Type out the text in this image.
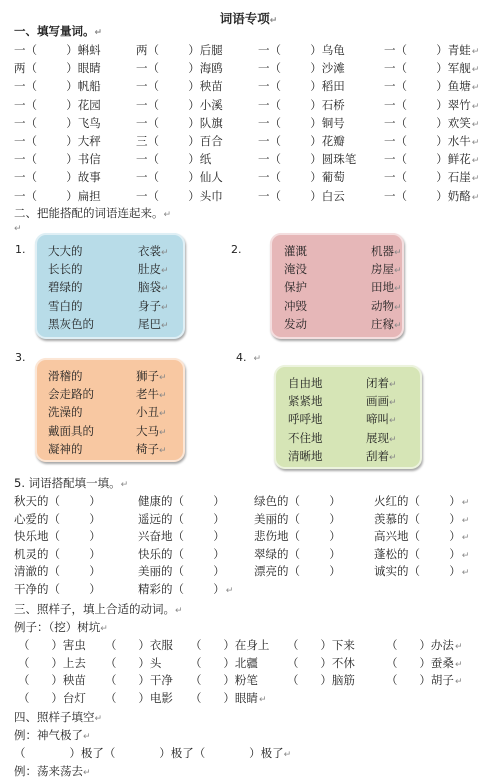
词语专项↵
一、填写量词。↵
一（        ）蝌蚪	两（        ）后腿	一（        ）乌龟	一（        ）青蛙↵
两（        ）眼睛	一（        ）海鸥	一（        ）沙滩	一（        ）军舰↵
一（        ）帆船	一（        ）秧苗	一（        ）稻田	一（        ）鱼塘↵
一（        ）花园	一（        ）小溪	一（        ）石桥	一（        ）翠竹↵
一（        ）飞鸟	一（        ）队旗	一（        ）铜号	一（        ）欢笑↵
一（        ）大秤	三（        ）百合	一（        ）花瓣	一（        ）水牛↵
一（        ）书信	一（        ）纸	一（        ）圆珠笔 一（        ）鲜花↵
一（        ）故事	一（        ）仙人	一（        ）葡萄	一（        ）石崖↵
一（        ）扁担	一（        ）头巾	一（        ）白云	一（        ）奶酪↵
二、把能搭配的词语连起来。↵
↵
1.	2.
3.	4. ↵
大大的	衣裳↵
长长的	肚皮↵
碧绿的	脑袋↵
雪白的	身子↵
黑灰色的	尾巴↵
灌溉	机器↵
淹没	房屋↵
保护	田地↵
冲毁	动物↵
发动	庄稼↵
滑稽的	狮子↵
会走路的	老牛↵
洗澡的	小丑↵
戴面具的	大马↵
凝神的	椅子↵
自由地	闭着↵
紧紧地	画画↵
呼呼地	啼叫↵
不住地	展现↵
清晰地	刮着↵
5. 词语搭配填一填。↵
秋天的（        ）	健康的（        ）	绿色的（        ）	火红的（        ）↵
心爱的（        ）	遥远的（        ）	美丽的（        ）	羡慕的（        ）↵
快乐地（        ）	兴奋地（        ）	悲伤地（        ）	高兴地（        ）↵
机灵的（        ）	快乐的（        ）	翠绿的（        ）	蓬松的（        ）↵
清澈的（        ）	美丽的（        ）	漂亮的（        ）	诚实的（        ）↵
干净的（        ）	精彩的（        ）↵
三、照样子，填上合适的动词。↵
例子：（挖）树坑↵
（      ）害虫 （      ）衣服 （      ）在身上 （      ）下来	（      ）办法↵
（      ）上去 （      ）头 （      ）北疆	（      ）不休	（      ）蚕桑↵
（      ）秧苗 （      ）干净 （      ）粉笔	（      ）脑筋	（      ）胡子↵
（      ）台灯 （      ）电影 （      ）眼睛↵
四、照样子填空↵
例：神气极了↵
（            ）极了（            ）极了（            ）极了↵
例：荡来荡去↵
